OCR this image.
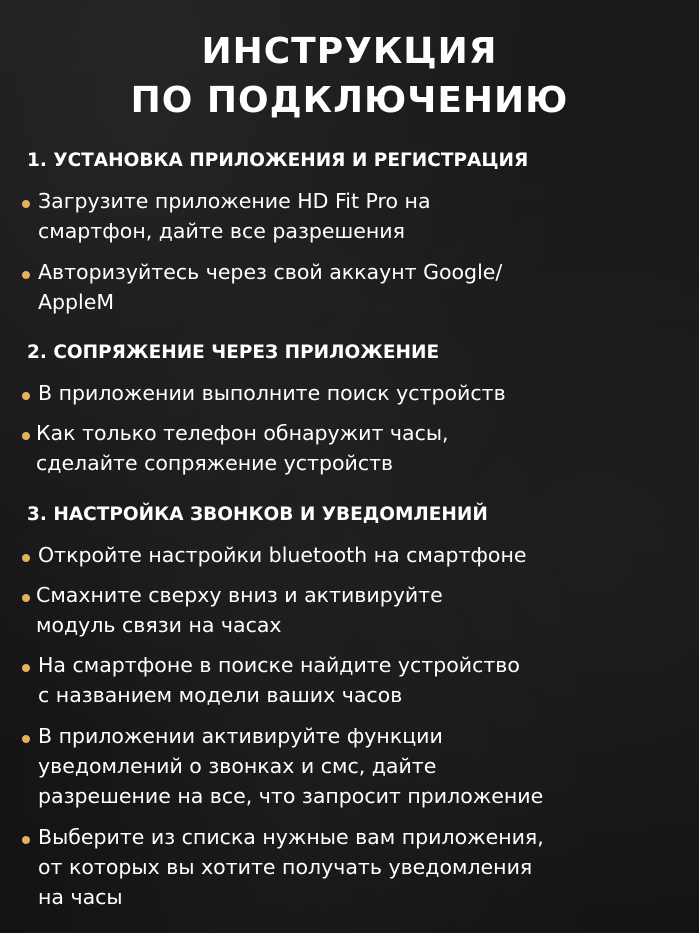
ИНСТРУКЦИЯ
ПО ПОДКЛЮЧЕНИЮ
1. УСТАНОВКА ПРИЛОЖЕНИЯ И РЕГИСТРАЦИЯ
Загрузите приложение HD Fit Pro на
смартфон, дайте все разрешения
Авторизуйтесь через свой аккаунт Google/
AppleM
2. СОПРЯЖЕНИЕ ЧЕРЕЗ ПРИЛОЖЕНИЕ
В приложении выполните поиск устройств
Как только телефон обнаружит часы,
сделайте сопряжение устройств
3. НАСТРОЙКА ЗВОНКОВ И УВЕДОМЛЕНИЙ
Откройте настройки bluetooth на смартфоне
Смахните сверху вниз и активируйте
модуль связи на часах
На смартфоне в поиске найдите устройство
с названием модели ваших часов
В приложении активируйте функции
уведомлений о звонках и смс, дайте
разрешение на все, что запросит приложение
Выберите из списка нужные вам приложения,
от которых вы хотите получать уведомления
на часы
